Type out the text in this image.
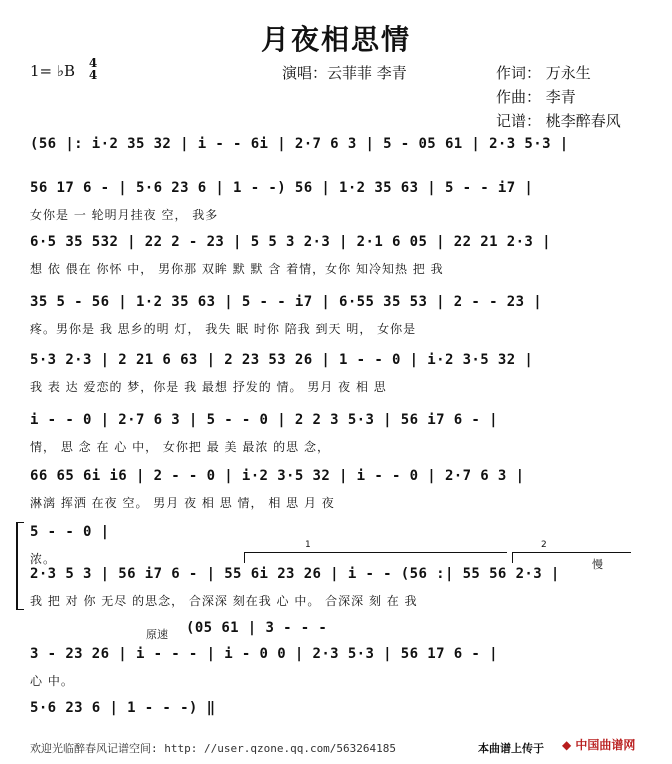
月夜相思情
1= ♭B 4
4	演唱：云菲菲 李青	作词： 万永生
作曲： 李青
记谱： 桃李醉春风
(56 |: i·2 35 32 | i - - 6i | 2·7 6 3 | 5 - 05 61 | 2·3 5·3 |
56 17 6 - | 5·6 23 6 | 1 - -) 56 | 1·2 35 63 | 5 - - i7 |
女你是 一 轮明月挂夜 空， 我多
6·5 35 532 | 22 2 - 23 | 5 5 3 2·3 | 2·1 6 05 | 22 21 2·3 |
想 依 偎在 你怀 中， 男你那 双眸 默 默 含 着情，女你 知冷知热 把 我
35 5 - 56 | 1·2 35 63 | 5 - - i7 | 6·55 35 53 | 2 - - 23 |
疼。男你是 我 思乡的明 灯， 我失 眠 时你 陪我 到天 明， 女你是
5·3 2·3 | 2 21 6 63 | 2 23 53 26 | 1 - - 0 | i·2 3·5 32 |
我 表 达 爱恋的 梦，你是 我 最想 抒发的 情。 男月 夜 相 思
i - - 0 | 2·7 6 3 | 5 - - 0 | 2 2 3 5·3 | 56 i7 6 - |
情， 思 念 在 心 中， 女你把 最 美 最浓 的思 念，
66 65 6i i6 | 2 - - 0 | i·2 3·5 32 | i - - 0 | 2·7 6 3 |
淋漓 挥洒 在夜 空。 男月 夜 相 思 情， 相 思 月 夜
5 - - 0 |
浓。
2·3 5 3 | 56 i7 6 - | 55 6i 23 26 | i - - (56 :| 55 56 2·3 |
我 把 对 你 无尽 的思念， 合深深 刻在我 心 中。 合深深 刻 在 我
3 - 23 26 | i - - - | i - 0 0 | 2·3 5·3 | 56 17 6 - |
心 中。
5·6 23 6 | 1 - - -) ‖
1	2
慢
原速 (05 61 | 3 - - -
欢迎光临醉春风记谱空间: http: //user.qzone.qq.com/563264185	本曲谱上传于 ◆ 中国曲谱网
